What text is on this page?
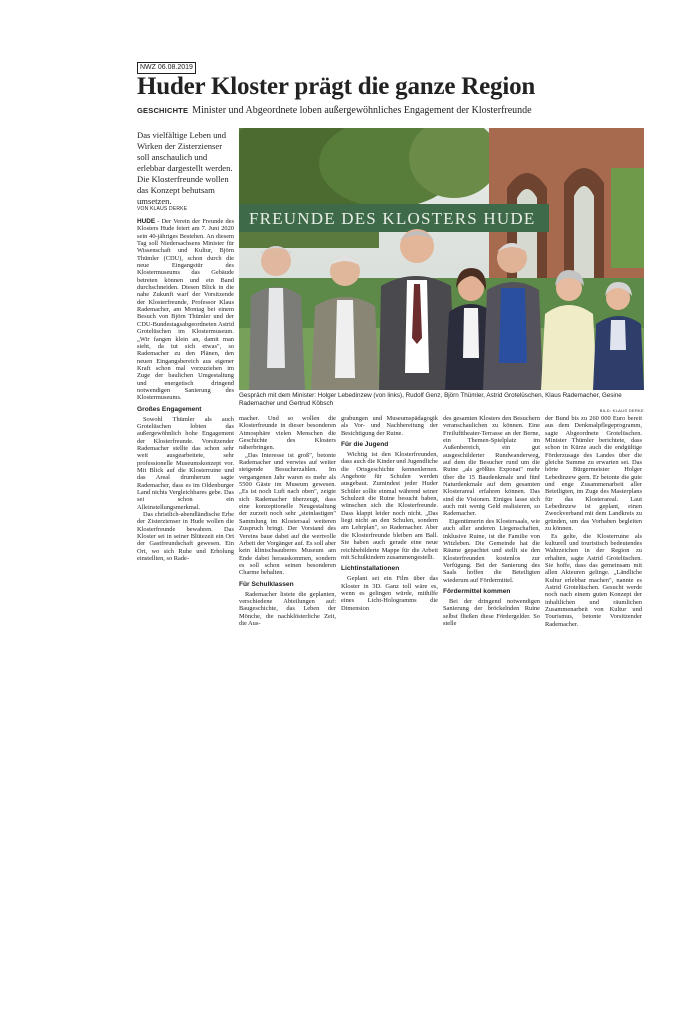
NWZ 06.08.2019
Huder Kloster prägt die ganze Region
GESCHICHTE Minister und Abgeordnete loben außergewöhnliches Engagement der Klosterfreunde
Das vielfältige Leben und Wirken der Zisterzienser soll anschaulich und erlebbar dargestellt werden. Die Klosterfreunde wollen das Konzept behutsam umsetzen.
VON KLAUS DERKE	FREUNDE DES KLOSTERS HUDE
Gespräch mit dem Minister: Holger Lebedinzew (von links), Rudolf Genz, Björn Thümler, Astrid Grotelüschen, Klaus Rademacher, Gesine Rademacher und Gertrud Köbsch
BILD: KLAUS DERKE

HUDE - Der Verein der Freunde des Klosters Hude feiert am 7. Juni 2020 sein 40-jähriges Bestehen. An diesem Tag soll Niedersachsens Minister für Wissenschaft und Kultur, Björn Thümler (CDU), schon durch die neue Eingangstür des Klostermuseums das Gebäude betreten können und ein Band durchschneiden. Diesen Blick in die nahe Zukunft warf der Vorsitzende der Klosterfreunde, Professor Klaus Rademacher, am Montag bei einem Besuch von Björn Thümler und der CDU-Bundestagsabgeordneten Astrid Grotelüschen im Klostermuseum. „Wir fangen klein an, damit man sieht, da tut sich etwas", so Rademacher zu den Plänen, den neuen Eingangsbereich aus eigener Kraft schon mal vorzuziehen im Zuge der baulichen Umgestaltung und energetisch dringend notwendigen Sanierung des Klostermuseums.

Großes Engagement

Sowohl Thümler als auch Grotelüschen lobten das außergewöhnlich hohe Engagement der Klosterfreunde. Vorsitzender Rademacher stellte das schon sehr weit ausgearbeitete, sehr professionelle Museumskonzept vor. Mit Blick auf die Klosterruine und das Areal drumherum sagte Rademacher, dass es im Oldenburger Land nichts Vergleichbares gebe. Das sei schon ein Alleinstellungsmerkmal.

Das christlich-abendländische Erbe der Zisterzienser in Hude wollen die Klosterfreunde bewahren. Das Kloster sei in seiner Blütezeit ein Ort der Gastfreundschaft gewesen. Ein Ort, wo sich Ruhe und Erholung einstellten, so Rade-

macher. Und so wollen die Klosterfreunde in dieser besonderen Atmosphäre vielen Menschen die Geschichte des Klosters näherbringen.

„Das Interesse ist groß", betonte Rademacher und verwies auf weiter steigende Besucherzahlen. Im vergangenen Jahr waren es mehr als 5500 Gäste im Museum gewesen. „Es ist noch Luft nach oben", zeigte sich Rademacher überzeugt, dass eine konzeptionelle Neugestaltung der zurzeit noch sehr „steinlastigen" Sammlung im Klostersaal weiteren Zuspruch bringt. Der Vorstand des Vereins baue dabei auf die wertvolle Arbeit der Vorgänger auf. Es soll aber kein klinischsauberes Museum am Ende dabei herauskommen, sondern es soll schon seinen besonderen Charme behalten.

Für Schulklassen

Rademacher listete die geplanten, verschiedene Abteilungen auf: Baugeschichte, das Leben der Mönche, die nachklösterliche Zeit, die Aus-

grabungen und Museumspädagogik als Vor- und Nachbereitung der Besichtigung der Ruine.

Für die Jugend

Wichtig ist den Klosterfreunden, dass auch die Kinder und Jugendliche die Ortsgeschichte kennenlernen. Angebote für Schulen werden ausgebaut. Zumindest jeder Huder Schüler sollte einmal während seiner Schulzeit die Ruine besucht haben, wünschen sich die Klosterfreunde. Dass klappt leider noch nicht. „Das liegt nicht an den Schulen, sondern am Lehrplan", so Rademacher. Aber die Klosterfreunde bleiben am Ball. Sie haben auch gerade eine neue reichbebilderte Mappe für die Arbeit mit Schulkindern zusammengestellt.

Lichtinstallationen

Geplant sei ein Film über das Kloster in 3D. Ganz toll wäre es, wenn es gelingen würde, mithilfe eines Licht-Hologramms die Dimension

des gesamten Klosters den Besuchern veranschaulichen zu können. Eine Freilufttheater-Terrasse an der Berne, ein Themen-Spielplatz im Außenbereich, ein gut ausgeschilderter Rundwanderweg, auf dem die Besucher rund um die Ruine „als größtes Exponat" mehr über die 15 Baudenkmale und fünf Naturdenkmale auf dem gesamten Klosterareal erfahren können. Das sind die Visionen. Einiges lasse sich auch mit wenig Geld realisieren, so Rademacher.

Eigentümerin des Klostersaals, wie auch aller anderen Liegenschaften, inklusive Ruine, ist die Familie von Witzleben. Die Gemeinde hat die Räume gepachtet und stellt sie den Klosterfreunden kostenlos zur Verfügung. Bei der Sanierung des Saals hoffen die Beteiligten wiederum auf Fördermittel.

Fördermittel kommen

Bei der dringend notwendigen Sanierung der bröckelnden Ruine selbst fließen diese Fördergelder. So stelle

der Bund bis zu 260 000 Euro bereit aus dem Denkmalpflegeprogramm, sagte Abgeordnete Grotelüschen. Minister Thümler berichtete, dass schon in Kürze auch die endgültige Förderzusage des Landes über die gleiche Summe zu erwarten sei. Das hörte Bürgermeister Holger Lebedinzew gern. Er betonte die gute und enge Zusammenarbeit aller Beteiligten, im Zuge des Masterplans für das Klosterareal. Laut Lebedinzew ist geplant, einen Zweckverband mit dem Landkreis zu gründen, um das Vorhaben begleiten zu können.

Es gelte, die Klosterruine als kulturell und touristisch bedeutendes Wahrzeichen in der Region zu erhalten, sagte Astrid Grotelüschen. Sie hoffe, dass das gemeinsam mit allen Akteuren gelinge. „Ländliche Kultur erlebbar machen", nannte es Astrid Grotelüschen. Gesucht werde noch nach einem guten Konzept der inhaltlichen und räumlichen Zusammenarbeit von Kultur und Tourismus, betonte Vorsitzender Rademacher.
